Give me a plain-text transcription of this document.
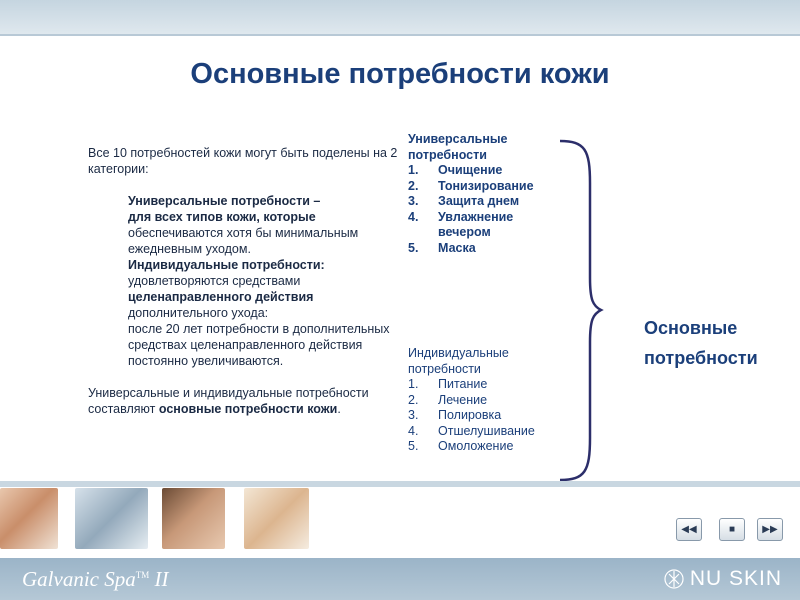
Основные потребности кожи

Все 10 потребностей кожи могут быть поделены на 2 категории:

Универсальные потребности –
для всех типов кожи, которые
обеспечиваются хотя бы минимальным ежедневным уходом.
Индивидуальные потребности:
удовлетворяются средствами
целенаправленного действия
дополнительного ухода:
после 20 лет потребности в дополнительных средствах целенаправленного действия постоянно увеличиваются.

Универсальные и индивидуальные потребности составляют основные потребности кожи.

Универсальные потребности
1.	Очищение
2.	Тонизирование
3.	Защита днем
4.	Увлажнение вечером
5.	Маска
Индивидуальные потребности
1.	Питание
2.	Лечение
3.	Полировка
4.	Отшелушивание
5.	Омоложение
Основные потребности
◀◀	■	▶▶
Galvanic Spa™ II	NU SKIN
